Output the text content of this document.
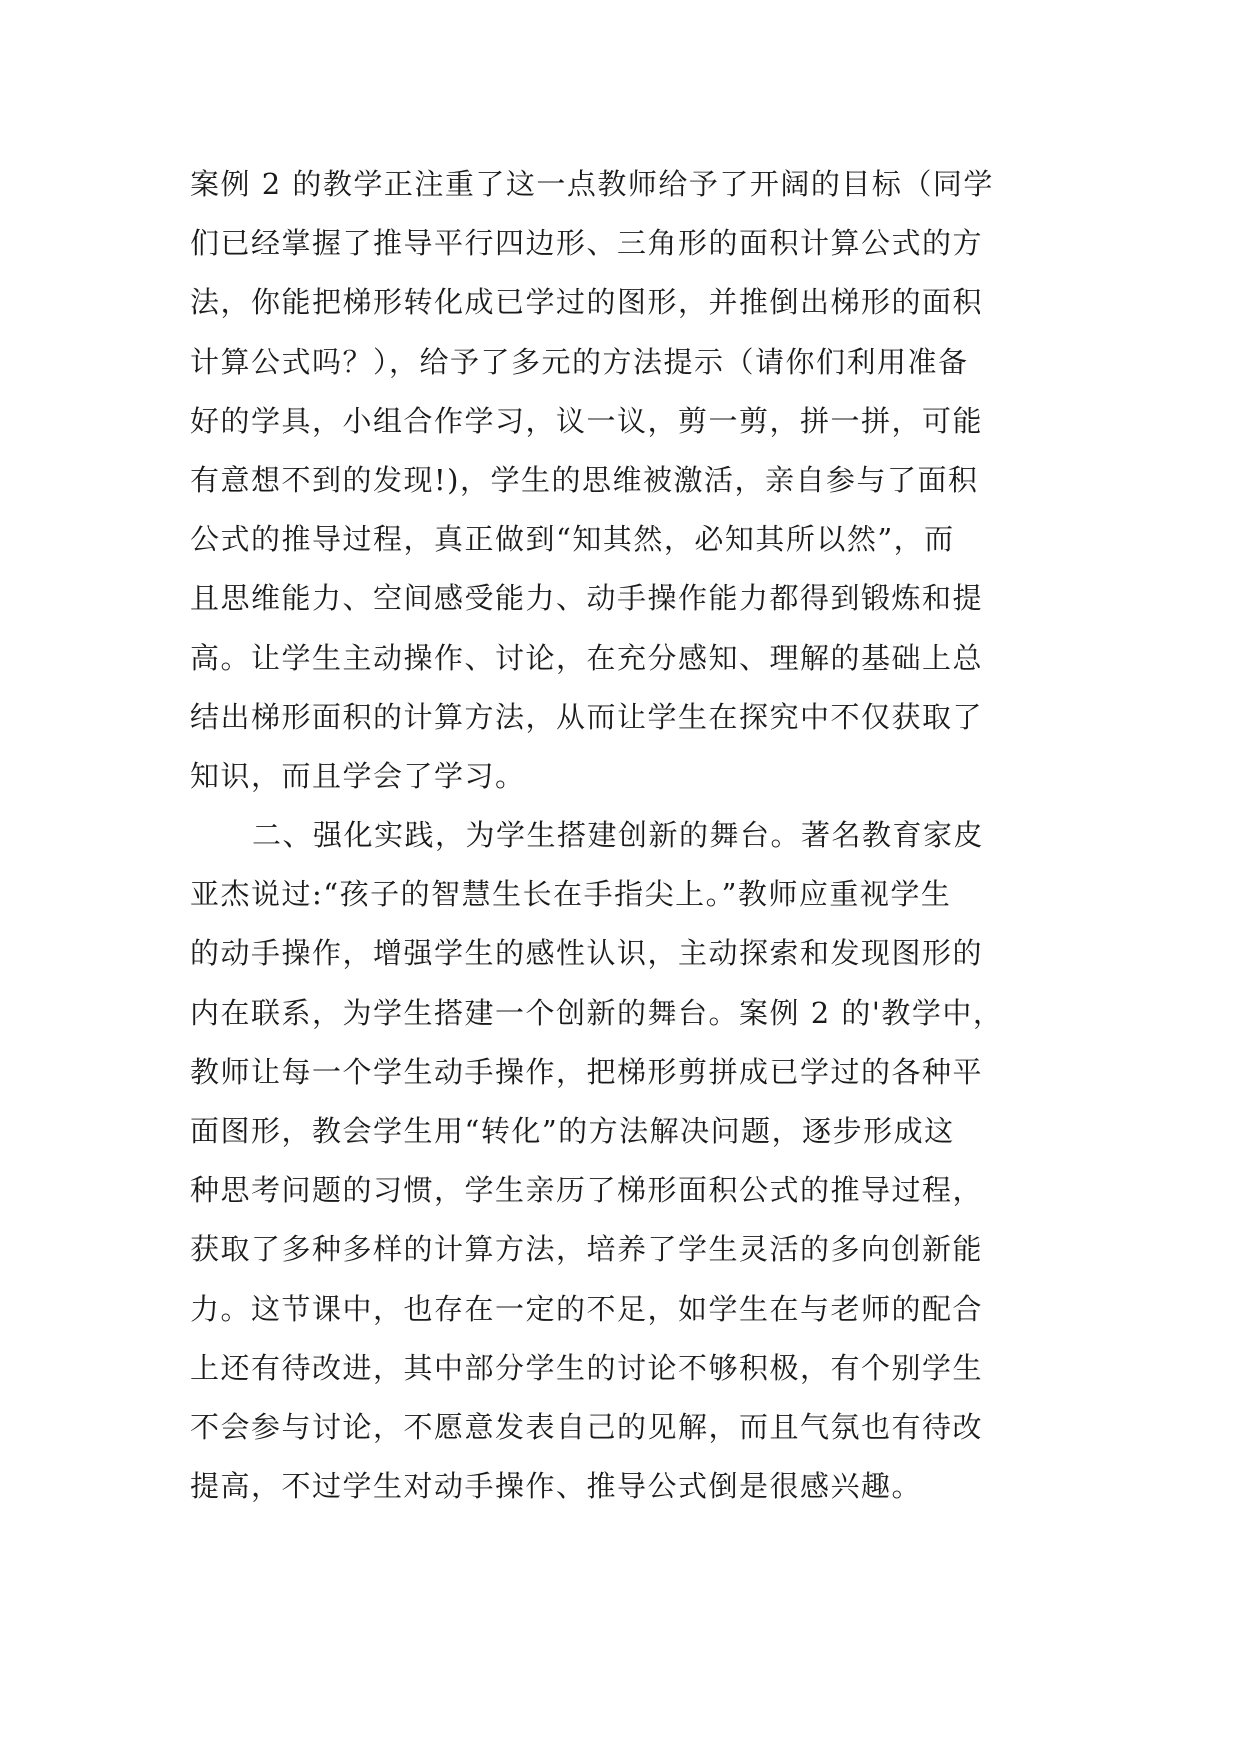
案例 2 的教学正注重了这一点教师给予了开阔的目标（同学
们已经掌握了推导平行四边形、三角形的面积计算公式的方
法，你能把梯形转化成已学过的图形，并推倒出梯形的面积
计算公式吗？），给予了多元的方法提示（请你们利用准备
好的学具，小组合作学习，议一议，剪一剪，拼一拼，可能
有意想不到的发现!)，学生的思维被激活，亲自参与了面积
公式的推导过程，真正做到“知其然，必知其所以然”，而
且思维能力、空间感受能力、动手操作能力都得到锻炼和提
高。让学生主动操作、讨论，在充分感知、理解的基础上总
结出梯形面积的计算方法，从而让学生在探究中不仅获取了
知识，而且学会了学习。
二、强化实践，为学生搭建创新的舞台。著名教育家皮
亚杰说过:“孩子的智慧生长在手指尖上。”教师应重视学生
的动手操作，增强学生的感性认识，主动探索和发现图形的
内在联系，为学生搭建一个创新的舞台。案例 2 的'教学中，
教师让每一个学生动手操作，把梯形剪拼成已学过的各种平
面图形，教会学生用“转化”的方法解决问题，逐步形成这
种思考问题的习惯，学生亲历了梯形面积公式的推导过程，
获取了多种多样的计算方法，培养了学生灵活的多向创新能
力。这节课中，也存在一定的不足，如学生在与老师的配合
上还有待改进，其中部分学生的讨论不够积极，有个别学生
不会参与讨论，不愿意发表自己的见解，而且气氛也有待改
提高，不过学生对动手操作、推导公式倒是很感兴趣。
